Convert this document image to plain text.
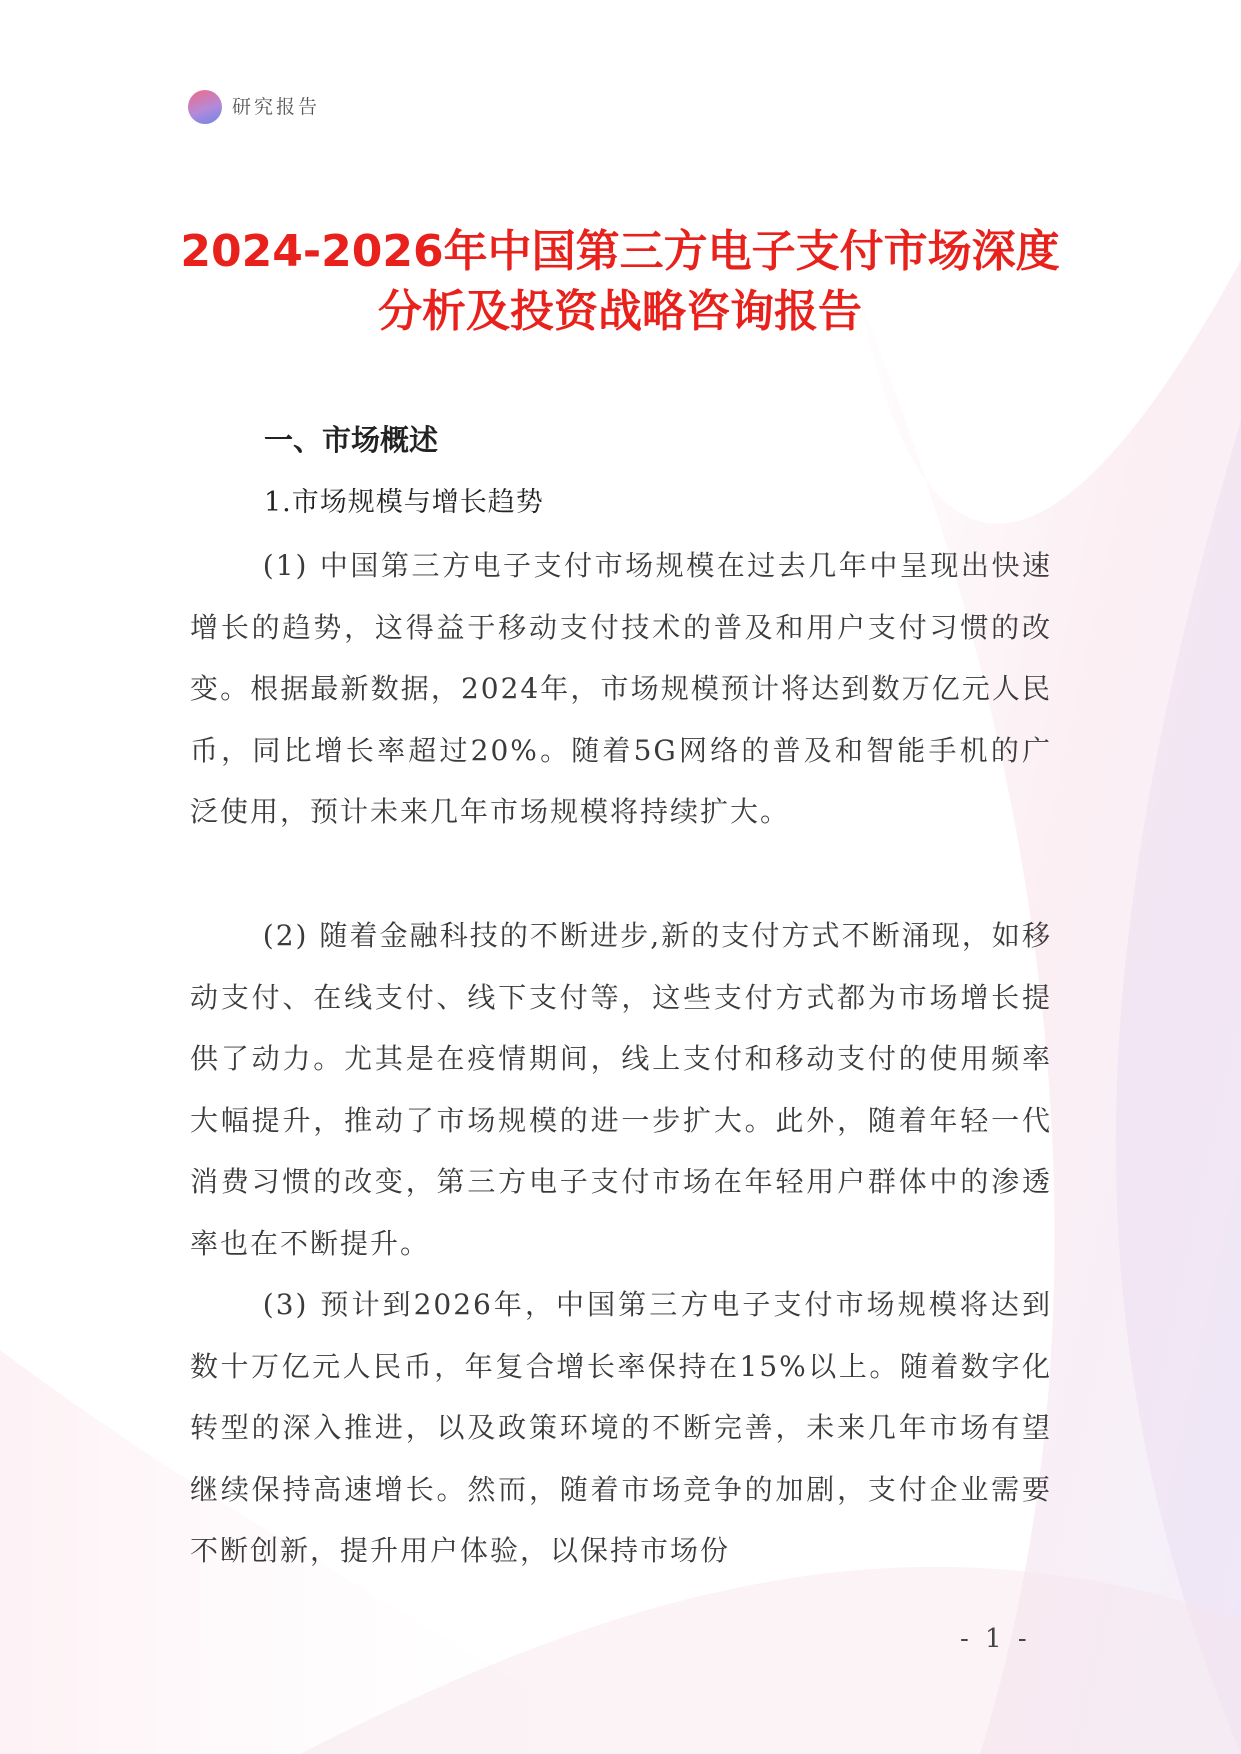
研究报告
2024-2026年中国第三方电子支付市场深度
分析及投资战略咨询报告
一、市场概述
1.市场规模与增长趋势

(1) 中国第三方电子支付市场规模在过去几年中呈现出快速增长的趋势，这得益于移动支付技术的普及和用户支付习惯的改变。根据最新数据，2024年，市场规模预计将达到数万亿元人民币，同比增长率超过20%。随着5G网络的普及和智能手机的广泛使用，预计未来几年市场规模将持续扩大。

(2) 随着金融科技的不断进步,新的支付方式不断涌现，如移动支付、在线支付、线下支付等，这些支付方式都为市场增长提供了动力。尤其是在疫情期间，线上支付和移动支付的使用频率大幅提升，推动了市场规模的进一步扩大。此外，随着年轻一代消费习惯的改变，第三方电子支付市场在年轻用户群体中的渗透率也在不断提升。

(3) 预计到2026年，中国第三方电子支付市场规模将达到数十万亿元人民币，年复合增长率保持在15%以上。随着数字化转型的深入推进，以及政策环境的不断完善，未来几年市场有望继续保持高速增长。然而，随着市场竞争的加剧，支付企业需要不断创新，提升用户体验，以保持市场份

- 1 -
